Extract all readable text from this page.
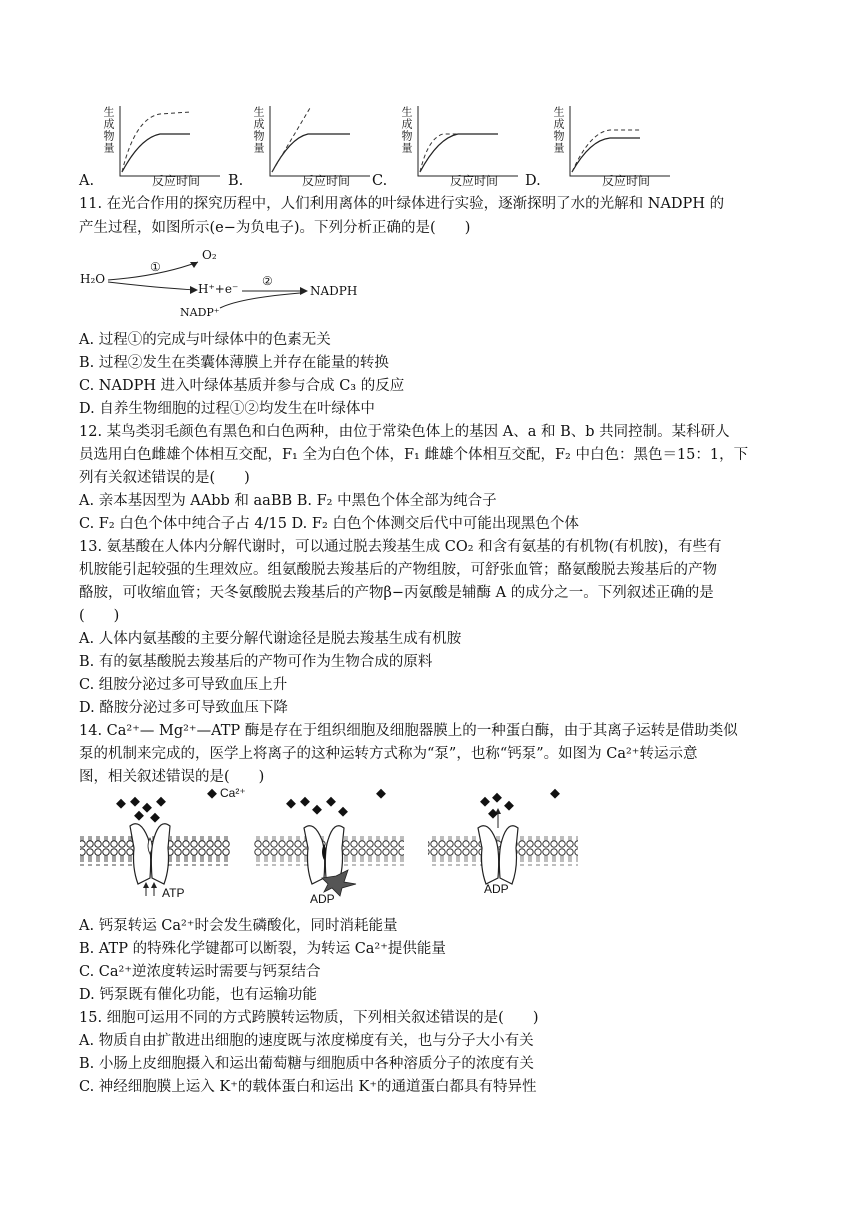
A.	B.	C.	D.
生成物量
反应时间
生成物量
反应时间
生成物量
反应时间
生成物量
反应时间
11. 在光合作用的探究历程中，人们利用离体的叶绿体进行实验，逐渐探明了水的光解和 NADPH 的
产生过程，如图所示(e−为负电子)。下列分析正确的是(　　)
H₂O
O₂
①
H⁺+e⁻
②
NADPH
NADP⁺
A. 过程①的完成与叶绿体中的色素无关
B. 过程②发生在类囊体薄膜上并存在能量的转换
C. NADPH 进入叶绿体基质并参与合成 C₃ 的反应
D. 自养生物细胞的过程①②均发生在叶绿体中
12. 某鸟类羽毛颜色有黑色和白色两种，由位于常染色体上的基因 A、a 和 B、b 共同控制。某科研人
员选用白色雌雄个体相互交配，F₁ 全为白色个体，F₁ 雌雄个体相互交配，F₂ 中白色：黑色＝15：1，下
列有关叙述错误的是(　　)
A. 亲本基因型为 AAbb 和 aaBB B. F₂ 中黑色个体全部为纯合子
C. F₂ 白色个体中纯合子占 4/15 D. F₂ 白色个体测交后代中可能出现黑色个体
13. 氨基酸在人体内分解代谢时，可以通过脱去羧基生成 CO₂ 和含有氨基的有机物(有机胺)，有些有
机胺能引起较强的生理效应。组氨酸脱去羧基后的产物组胺，可舒张血管；酪氨酸脱去羧基后的产物
酪胺，可收缩血管；天冬氨酸脱去羧基后的产物β−丙氨酸是辅酶 A 的成分之一。下列叙述正确的是
(　　)
A. 人体内氨基酸的主要分解代谢途径是脱去羧基生成有机胺
B. 有的氨基酸脱去羧基后的产物可作为生物合成的原料
C. 组胺分泌过多可导致血压上升
D. 酪胺分泌过多可导致血压下降
14. Ca²⁺— Mg²⁺—ATP 酶是存在于组织细胞及细胞器膜上的一种蛋白酶，由于其离子运转是借助类似
泵的机制来完成的，医学上将离子的这种运转方式称为“泵”，也称“钙泵”。如图为 Ca²⁺转运示意
图，相关叙述错误的是(　　)
Ca²⁺
ATP	ADP
ADP
A. 钙泵转运 Ca²⁺时会发生磷酸化，同时消耗能量
B. ATP 的特殊化学键都可以断裂，为转运 Ca²⁺提供能量
C. Ca²⁺逆浓度转运时需要与钙泵结合
D. 钙泵既有催化功能，也有运输功能
15. 细胞可运用不同的方式跨膜转运物质，下列相关叙述错误的是(　　)
A. 物质自由扩散进出细胞的速度既与浓度梯度有关，也与分子大小有关
B. 小肠上皮细胞摄入和运出葡萄糖与细胞质中各种溶质分子的浓度有关
C. 神经细胞膜上运入 K⁺的载体蛋白和运出 K⁺的通道蛋白都具有特异性
